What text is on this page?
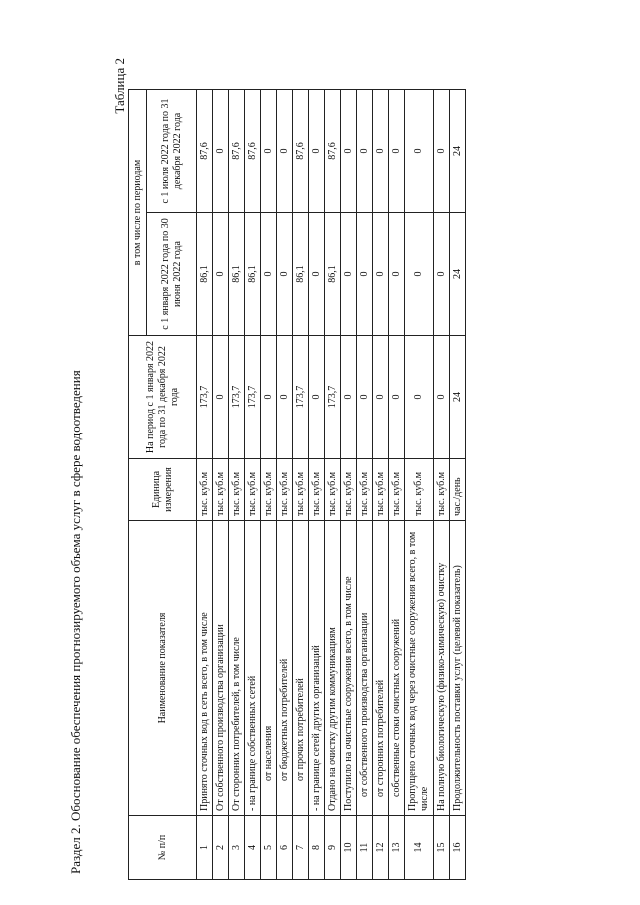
Раздел 2. Обоснование обеспечения прогнозируемого объема услуг в сфере водоотведения
Таблица 2
№ п/п	Наименование показателя	Единица измерения	На период с 1 января 2022 года по 31 декабря 2022 года	в том числе по периодам	
				с 1 января 2022 года по 30 июня 2022 года	с 1 июля 2022 года по 31 декабря 2022 года
1	Принято сточных вод в сеть всего, в том числе	тыс. куб.м	173,7	86,1	87,6
2	От собственного производства организации	тыс. куб.м	0	0	0
3	От сторонних потребителей, в том числе	тыс. куб.м	173,7	86,1	87,6
4	- на границе собственных сетей	тыс. куб.м	173,7	86,1	87,6
5	от населения	тыс. куб.м	0	0	0
6	от бюджетных потребителей	тыс. куб.м	0	0	0
7	от прочих потребителей	тыс. куб.м	173,7	86,1	87,6
8	- на границе сетей других организаций	тыс. куб.м	0	0	0
9	Отдано на очистку другим коммуникациям	тыс. куб.м	173,7	86,1	87,6
10	Поступило на очистные сооружения всего, в том числе	тыс. куб.м	0	0	0
11	от собственного производства организации	тыс. куб.м	0	0	0
12	от сторонних потребителей	тыс. куб.м	0	0	0
13	собственные стоки очистных сооружений	тыс. куб.м	0	0	0
14	Пропущено сточных вод через очистные сооружения всего, в том числе	тыс. куб.м	0	0	0
15	На полную биологическую (физико-химическую) очистку	тыс. куб.м	0	0	0
16	Продолжительность поставки услуг (целевой показатель)	час./день	24	24	24
